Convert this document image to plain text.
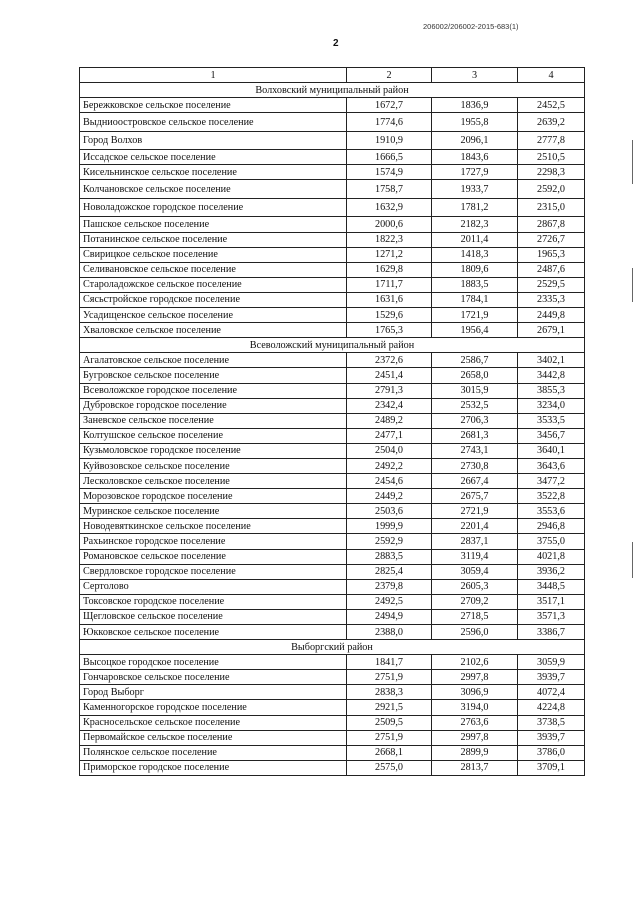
206002/206002-2015-683(1)
2
1	2	3	4
Волховский муниципальный район			
Бережковское сельское поселение	1672,7	1836,9	2452,5
Выдниоостровское сельское поселение	1774,6	1955,8	2639,2
Город Волхов	1910,9	2096,1	2777,8
Иссадское сельское поселение	1666,5	1843,6	2510,5
Кисельнинское сельское поселение	1574,9	1727,9	2298,3
Колчановское сельское поселение	1758,7	1933,7	2592,0
Новоладожское городское поселение	1632,9	1781,2	2315,0
Пашское сельское поселение	2000,6	2182,3	2867,8
Потанинское сельское поселение	1822,3	2011,4	2726,7
Свирицкое сельское поселение	1271,2	1418,3	1965,3
Селивановское сельское поселение	1629,8	1809,6	2487,6
Староладожское сельское поселение	1711,7	1883,5	2529,5
Сясьстройское городское поселение	1631,6	1784,1	2335,3
Усадищенское сельское поселение	1529,6	1721,9	2449,8
Хваловское сельское поселение	1765,3	1956,4	2679,1
Всеволожский муниципальный район			
Агалатовское сельское поселение	2372,6	2586,7	3402,1
Бугровское сельское поселение	2451,4	2658,0	3442,8
Всеволожское городское поселение	2791,3	3015,9	3855,3
Дубровское городское поселение	2342,4	2532,5	3234,0
Заневское сельское поселение	2489,2	2706,3	3533,5
Колтушское сельское поселение	2477,1	2681,3	3456,7
Кузьмоловское городское поселение	2504,0	2743,1	3640,1
Куйвозовское сельское поселение	2492,2	2730,8	3643,6
Лесколовское сельское поселение	2454,6	2667,4	3477,2
Морозовское городское поселение	2449,2	2675,7	3522,8
Муринское сельское поселение	2503,6	2721,9	3553,6
Новодевяткинское сельское поселение	1999,9	2201,4	2946,8
Рахьинское городское поселение	2592,9	2837,1	3755,0
Романовское сельское поселение	2883,5	3119,4	4021,8
Свердловское городское поселение	2825,4	3059,4	3936,2
Сертолово	2379,8	2605,3	3448,5
Токсовское городское поселение	2492,5	2709,2	3517,1
Щегловское сельское поселение	2494,9	2718,5	3571,3
Юкковское сельское поселение	2388,0	2596,0	3386,7
Выборгский район			
Высоцкое городское поселение	1841,7	2102,6	3059,9
Гончаровское сельское поселение	2751,9	2997,8	3939,7
Город Выборг	2838,3	3096,9	4072,4
Каменногорское городское поселение	2921,5	3194,0	4224,8
Красносельское сельское поселение	2509,5	2763,6	3738,5
Первомайское сельское поселение	2751,9	2997,8	3939,7
Полянское сельское поселение	2668,1	2899,9	3786,0
Приморское городское поселение	2575,0	2813,7	3709,1
